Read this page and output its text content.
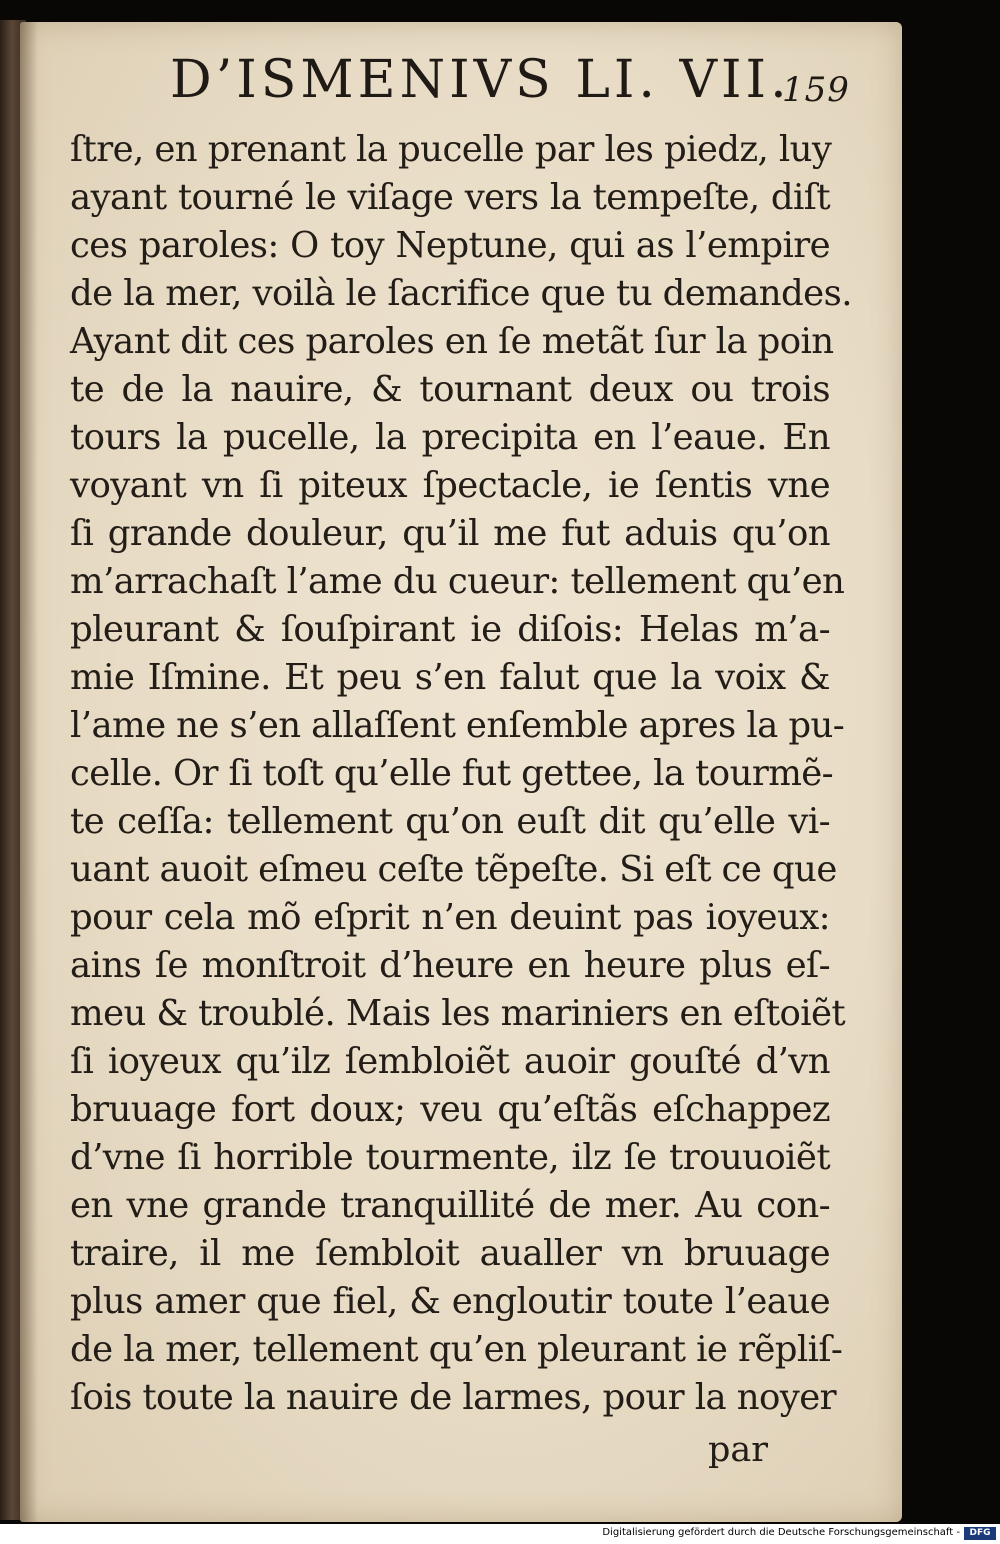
D’ISMENIVS LI. VII.
159
ſtre, en prenant la pucelle par les piedz, luy
ayant tourné le viſage vers la tempeſte, diſt
ces paroles: O toy Neptune, qui as l’empire
de la mer, voilà le ſacrifice que tu demandes.
Ayant dit ces paroles en ſe metãt ſur la poin
te de la nauire, & tournant deux ou trois
tours la pucelle, la precipita en l’eaue. En
voyant vn ſi piteux ſpectacle, ie ſentis vne
ſi grande douleur, qu’il me fut aduis qu’on
m’arrachaſt l’ame du cueur: tellement qu’en
pleurant & ſouſpirant ie diſois: Helas m’a-
mie Iſmine. Et peu s’en falut que la voix &
l’ame ne s’en allaſſent enſemble apres la pu-
celle. Or ſi toſt qu’elle fut gettee, la tourmẽ-
te ceſſa: tellement qu’on euſt dit qu’elle vi-
uant auoit eſmeu ceſte tẽpeſte. Si eſt ce que
pour cela mõ eſprit n’en deuint pas ioyeux:
ains ſe monſtroit d’heure en heure plus eſ-
meu & troublé. Mais les mariniers en eſtoiẽt
ſi ioyeux qu’ilz ſembloiẽt auoir gouſté d’vn
bruuage fort doux; veu qu’eſtãs eſchappez
d’vne ſi horrible tourmente, ilz ſe trouuoiẽt
en vne grande tranquillité de mer. Au con-
traire, il me ſembloit aualler vn bruuage
plus amer que fiel, & engloutir toute l’eaue
de la mer, tellement qu’en pleurant ie rẽpliſ-
ſois toute la nauire de larmes, pour la noyer
par
Digitalisierung gefördert durch die Deutsche Forschungsgemeinschaft -	DFG
